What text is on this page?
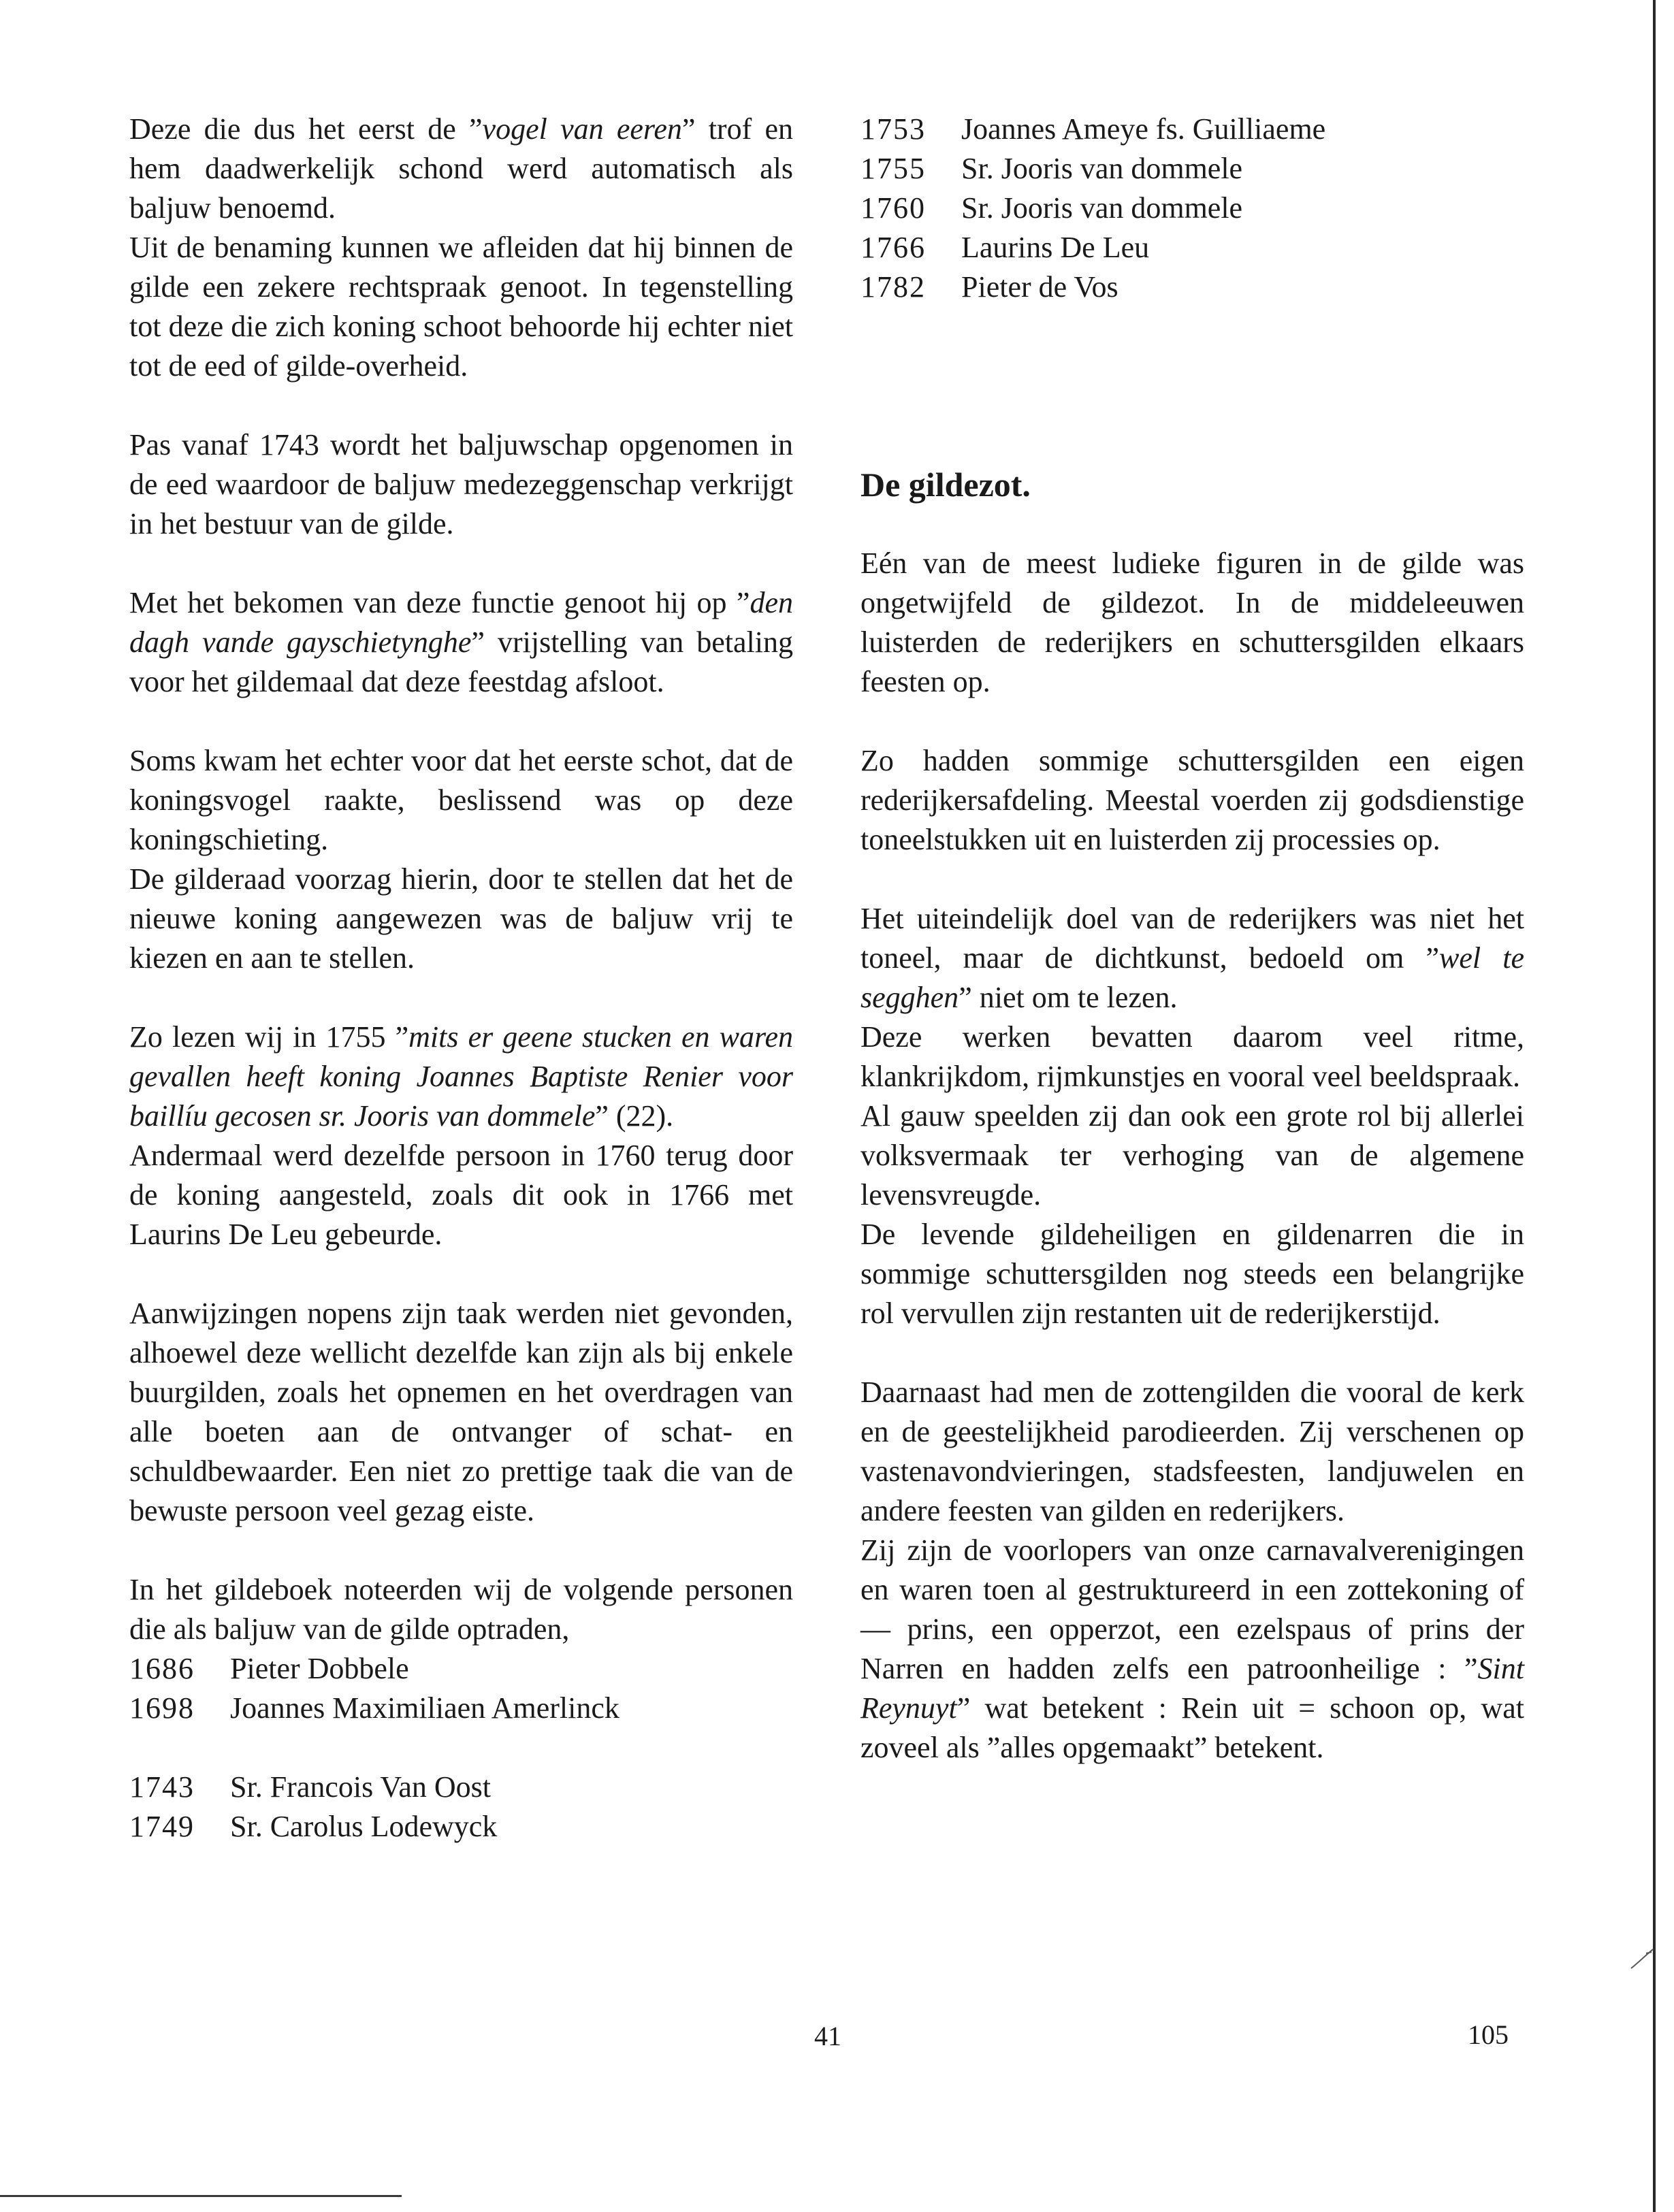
Deze die dus het eerst de ”vogel van eeren” trof en hem daadwerkelijk schond werd automatisch als baljuw benoemd.

Uit de benaming kunnen we afleiden dat hij binnen de gilde een zekere rechtspraak genoot. In tegenstelling tot deze die zich koning schoot behoorde hij echter niet tot de eed of gilde-overheid.

Pas vanaf 1743 wordt het baljuwschap opgenomen in de eed waardoor de baljuw medezeggenschap verkrijgt in het bestuur van de gilde.

Met het bekomen van deze functie genoot hij op ”den dagh vande gayschietynghe” vrijstelling van betaling voor het gildemaal dat deze feestdag afsloot.

Soms kwam het echter voor dat het eerste schot, dat de koningsvogel raakte, beslissend was op deze koningschieting.

De gilderaad voorzag hierin, door te stellen dat het de nieuwe koning aangewezen was de baljuw vrij te kiezen en aan te stellen.

Zo lezen wij in 1755 ”mits er geene stucken en waren gevallen heeft koning Joannes Baptiste Renier voor baillíu gecosen sr. Jooris van dommele” (22).

Andermaal werd dezelfde persoon in 1760 terug door de koning aangesteld, zoals dit ook in 1766 met Laurins De Leu gebeurde.

Aanwijzingen nopens zijn taak werden niet gevonden, alhoewel deze wellicht dezelfde kan zijn als bij enkele buurgilden, zoals het opnemen en het overdragen van alle boeten aan de ontvanger of schat- en schuldbewaarder. Een niet zo prettige taak die van de bewuste persoon veel gezag eiste.

In het gildeboek noteerden wij de volgende personen die als baljuw van de gilde optraden,

1686	Pieter Dobbele
1698	Joannes Maximiliaen Amerlinck
1743	Sr. Francois Van Oost
1749	Sr. Carolus Lodewyck
1753	Joannes Ameye fs. Guilliaeme
1755	Sr. Jooris van dommele
1760	Sr. Jooris van dommele
1766	Laurins De Leu
1782	Pieter de Vos

De gildezot.

Eén van de meest ludieke figuren in de gilde was ongetwijfeld de gildezot. In de middeleeuwen luisterden de rederijkers en schuttersgilden elkaars feesten op.

Zo hadden sommige schuttersgilden een eigen rederijkersafdeling. Meestal voerden zij godsdienstige toneelstukken uit en luisterden zij processies op.

Het uiteindelijk doel van de rederijkers was niet het toneel, maar de dichtkunst, bedoeld om ”wel te segghen” niet om te lezen.

Deze werken bevatten daarom veel ritme, klankrijkdom, rijmkunstjes en vooral veel beeldspraak.

Al gauw speelden zij dan ook een grote rol bij allerlei volksvermaak ter verhoging van de algemene levensvreugde.

De levende gildeheiligen en gildenarren die in sommige schuttersgilden nog steeds een belangrijke rol vervullen zijn restanten uit de rederijkerstijd.

Daarnaast had men de zottengilden die vooral de kerk en de geestelijkheid parodieerden. Zij verschenen op vastenavondvieringen, stadsfeesten, landjuwelen en andere feesten van gilden en rederijkers.

Zij zijn de voorlopers van onze carnavalverenigingen en waren toen al gestruktureerd in een zottekoning of — prins, een opperzot, een ezelspaus of prins der Narren en hadden zelfs een patroonheilige : ”Sint Reynuyt” wat betekent : Rein uit = schoon op, wat zoveel als ”alles opgemaakt” betekent.

41	105
